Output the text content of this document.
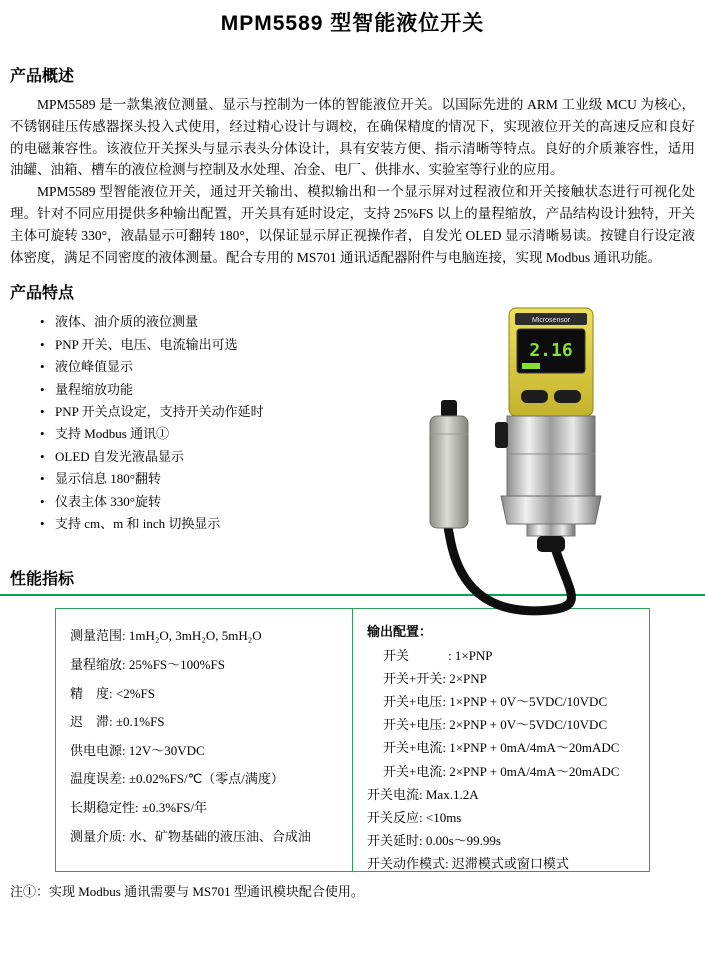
MPM5589 型智能液位开关
产品概述

MPM5589 是一款集液位测量、显示与控制为一体的智能液位开关。以国际先进的 ARM 工业级 MCU 为核心，不锈钢硅压传感器探头投入式使用，经过精心设计与调校，在确保精度的情况下，实现液位开关的高速反应和良好的电磁兼容性。该液位开关探头与显示表头分体设计，具有安装方便、指示清晰等特点。良好的介质兼容性，适用油罐、油箱、槽车的液位检测与控制及水处理、冶金、电厂、供排水、实验室等行业的应用。

MPM5589 型智能液位开关，通过开关输出、模拟输出和一个显示屏对过程液位和开关接触状态进行可视化处理。针对不同应用提供多种输出配置，开关具有延时设定，支持 25%FS 以上的量程缩放，产品结构设计独特，开关主体可旋转 330°，液晶显示可翻转 180°，以保证显示屏正视操作者，自发光 OLED 显示清晰易读。按键自行设定液体密度，满足不同密度的液体测量。配合专用的 MS701 通讯适配器附件与电脑连接，实现 Modbus 通讯功能。

产品特点
• 液体、油介质的液位测量
• PNP 开关、电压、电流输出可选
• 液位峰值显示
• 量程缩放功能
• PNP 开关点设定，支持开关动作延时
• 支持 Modbus 通讯①
• OLED 自发光液晶显示
• 显示信息 180°翻转
• 仪表主体 330°旋转
• 支持 cm、m 和 inch 切换显示
Microsensor
2.16
性能指标
测量范围: 1mH₂O, 3mH₂O, 5mH₂O
量程缩放: 25%FS～100%FS
精　度: <2%FS
迟　滞: ±0.1%FS
供电电源: 12V～30VDC
温度误差: ±0.02%FS/℃（零点/满度）
长期稳定性: ±0.3%FS/年
测量介质: 水、矿物基础的液压油、合成油
输出配置：
开关　　　: 1×PNP
开关+开关: 2×PNP
开关+电压: 1×PNP + 0V～5VDC/10VDC
开关+电压: 2×PNP + 0V～5VDC/10VDC
开关+电流: 1×PNP + 0mA/4mA～20mADC
开关+电流: 2×PNP + 0mA/4mA～20mADC
开关电流: Max.1.2A
开关反应: <10ms
开关延时: 0.00s～99.99s
开关动作模式: 迟滞模式或窗口模式

注①：实现 Modbus 通讯需要与 MS701 型通讯模块配合使用。
